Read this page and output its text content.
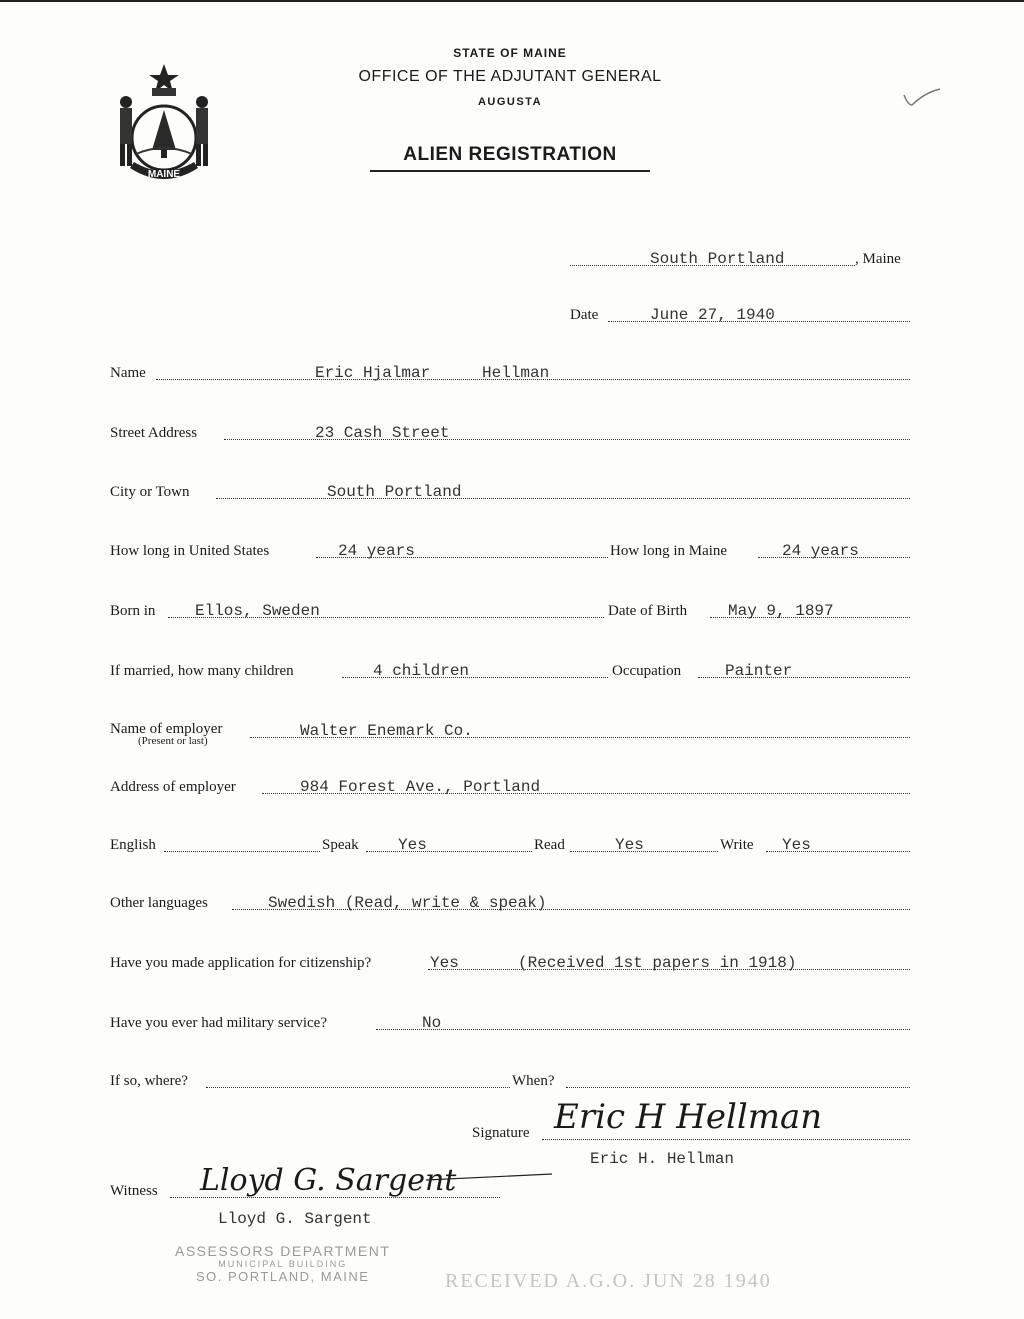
MAINE
STATE OF MAINE
OFFICE OF THE ADJUTANT GENERAL
AUGUSTA
ALIEN REGISTRATION
South Portland	, Maine
Date	June 27, 1940
Name	Eric Hjalmar	Hellman
Street Address	23 Cash Street
City or Town	South Portland
How long in United States	24 years	How long in Maine	24 years
Born in Ellos, Sweden	Date of Birth	May 9, 1897
If married, how many children	4 children	Occupation	Painter
Name of employer	Walter Enemark Co.
(Present or last)
Address of employer	984 Forest Ave., Portland
English	Speak Yes	Read	Yes	Write Yes
Other languages	Swedish (Read, write & speak)
Have you made application for citizenship?	Yes	(Received 1st papers in 1918)
Have you ever had military service?	No
If so, where?	When?
Signature Eric H Hellman
Eric H. Hellman
Witness Lloyd G. Sargent
Lloyd G. Sargent
ASSESSORS DEPARTMENT
MUNICIPAL BUILDING
SO. PORTLAND, MAINE	RECEIVED A.G.O. JUN 28 1940
